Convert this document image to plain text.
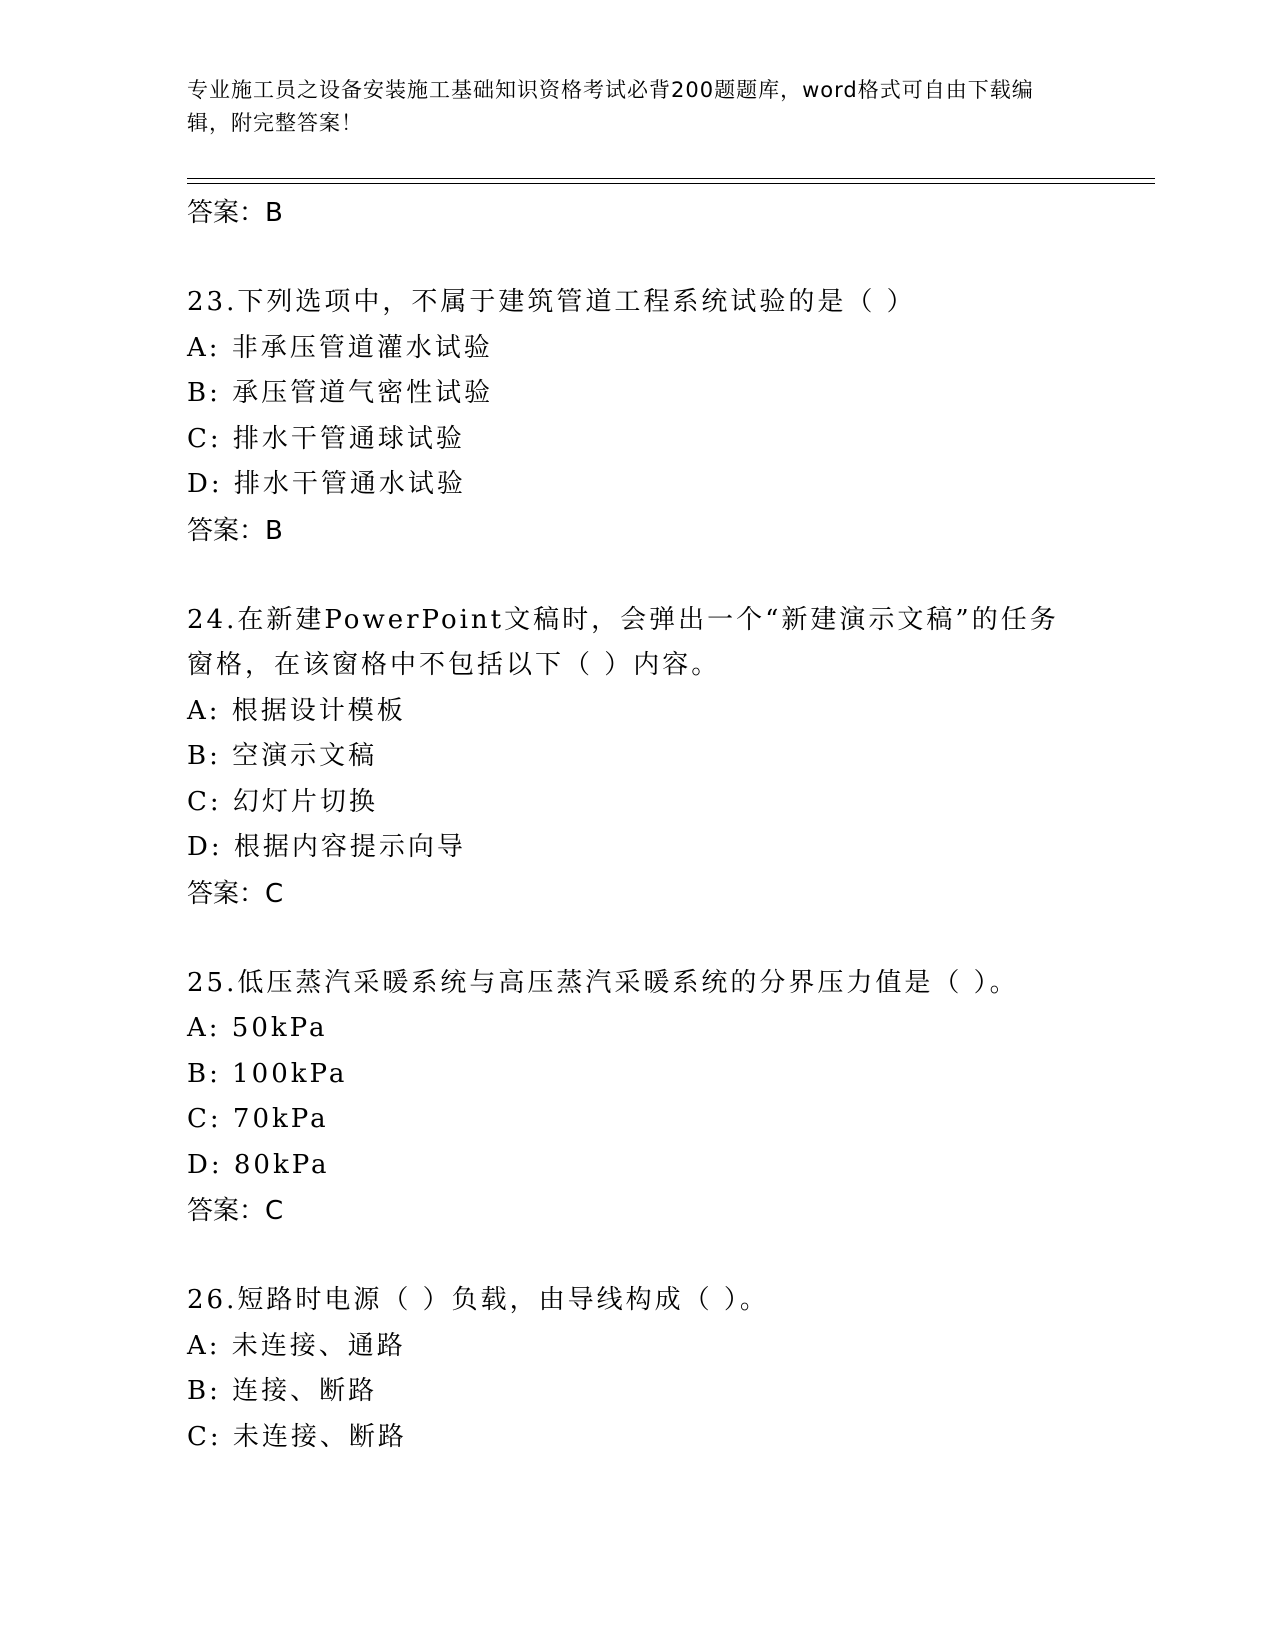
专业施工员之设备安装施工基础知识资格考试必背200题题库，word格式可自由下载编辑，附完整答案！
答案：B
23.下列选项中，不属于建筑管道工程系统试验的是（ ）
A: 非承压管道灌水试验
B: 承压管道气密性试验
C: 排水干管通球试验
D: 排水干管通水试验
答案：B
24.在新建PowerPoint文稿时，会弹出一个“新建演示文稿”的任务窗格，在该窗格中不包括以下（ ）内容。
A: 根据设计模板
B: 空演示文稿
C: 幻灯片切换
D: 根据内容提示向导
答案：C
25.低压蒸汽采暖系统与高压蒸汽采暖系统的分界压力值是（ ）。
A: 50kPa
B: 100kPa
C: 70kPa
D: 80kPa
答案：C
26.短路时电源（ ）负载，由导线构成（ ）。
A: 未连接、通路
B: 连接、断路
C: 未连接、断路
